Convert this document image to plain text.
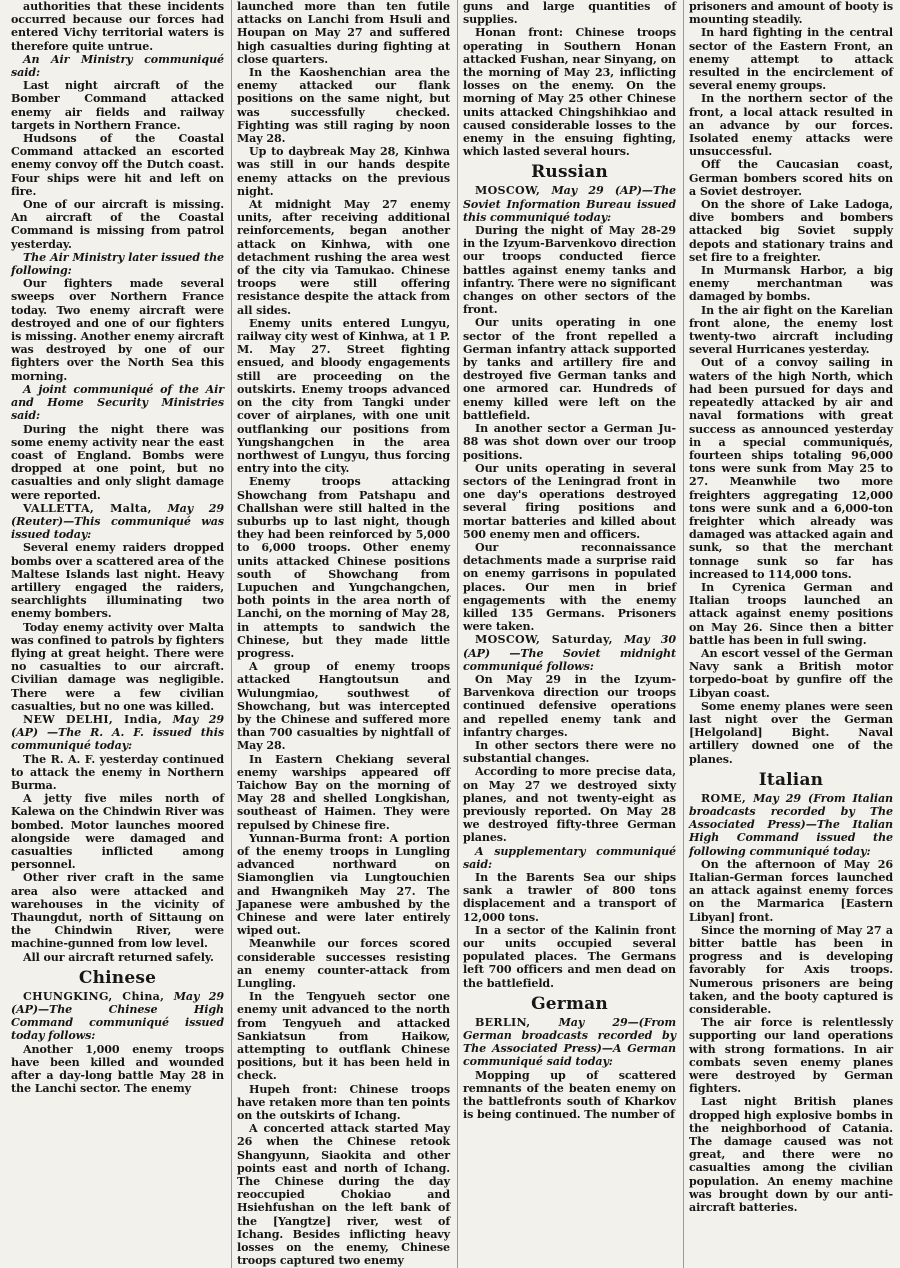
authorities that these incidents occurred because our forces had entered Vichy territorial waters is therefore quite untrue.

An Air Ministry communiqué said:

Last night aircraft of the Bomber Command attacked enemy air fields and railway targets in Northern France.

Hudsons of the Coastal Command attacked an escorted enemy convoy off the Dutch coast. Four ships were hit and left on fire.

One of our aircraft is missing. An aircraft of the Coastal Command is missing from patrol yesterday.

The Air Ministry later issued the following:

Our fighters made several sweeps over Northern France today. Two enemy aircraft were destroyed and one of our fighters is missing. Another enemy aircraft was destroyed by one of our fighters over the North Sea this morning.

A joint communiqué of the Air and Home Security Ministries said:

During the night there was some enemy activity near the east coast of England. Bombs were dropped at one point, but no casualties and only slight damage were reported.

VALLETTA, Malta, May 29 (Reuter)—This communiqué was issued today:

Several enemy raiders dropped bombs over a scattered area of the Maltese Islands last night. Heavy artillery engaged the raiders, searchlights illuminating two enemy bombers.

Today enemy activity over Malta was confined to patrols by fighters flying at great height. There were no casualties to our aircraft. Civilian damage was negligible. There were a few civilian casualties, but no one was killed.

NEW DELHI, India, May 29 (AP) —The R. A. F. issued this communiqué today:

The R. A. F. yesterday continued to attack the enemy in Northern Burma.

A jetty five miles north of Kalewa on the Chindwin River was bombed. Motor launches moored alongside were damaged and casualties inflicted among personnel.

Other river craft in the same area also were attacked and warehouses in the vicinity of Thaungdut, north of Sittaung on the Chindwin River, were machine-gunned from low level.

All our aircraft returned safely.

Chinese

CHUNGKING, China, May 29 (AP)—The Chinese High Command communiqué issued today follows:

Another 1,000 enemy troops have been killed and wounded after a day-long battle May 28 in the Lanchi sector. The enemy

launched more than ten futile attacks on Lanchi from Hsuli and Houpan on May 27 and suffered high casualties during fighting at close quarters.

In the Kaoshenchian area the enemy attacked our flank positions on the same night, but was successfully checked. Fighting was still raging by noon May 28.

Up to daybreak May 28, Kinhwa was still in our hands despite enemy attacks on the previous night.

At midnight May 27 enemy units, after receiving additional reinforcements, began another attack on Kinhwa, with one detachment rushing the area west of the city via Tamukao. Chinese troops were still offering resistance despite the attack from all sides.

Enemy units entered Lungyu, railway city west of Kinhwa, at 1 P. M. May 27. Street fighting ensued, and bloody engagements still are proceeding on the outskirts. Enemy troops advanced on the city from Tangki under cover of airplanes, with one unit outflanking our positions from Yungshangchen in the area northwest of Lungyu, thus forcing entry into the city.

Enemy troops attacking Showchang from Patshapu and Challshan were still halted in the suburbs up to last night, though they had been reinforced by 5,000 to 6,000 troops. Other enemy units attacked Chinese positions south of Showchang from Lupuchen and Yungchangchen, both points in the area north of Lanchi, on the morning of May 28, in attempts to sandwich the Chinese, but they made little progress.

A group of enemy troops attacked Hangtoutsun and Wulungmiao, southwest of Showchang, but was intercepted by the Chinese and suffered more than 700 casualties by nightfall of May 28.

In Eastern Chekiang several enemy warships appeared off Taichow Bay on the morning of May 28 and shelled Longkishan, southeast of Haimen. They were repulsed by Chinese fire.

Yunnan-Burma front: A portion of the enemy troops in Lungling advanced northward on Siamonglien via Lungtouchien and Hwangnikeh May 27. The Japanese were ambushed by the Chinese and were later entirely wiped out.

Meanwhile our forces scored considerable successes resisting an enemy counter-attack from Lungling.

In the Tengyueh sector one enemy unit advanced to the north from Tengyueh and attacked Sankiatsun from Haikow, attempting to outflank Chinese positions, but it has been held in check.

Hupeh front: Chinese troops have retaken more than ten points on the outskirts of Ichang.

A concerted attack started May 26 when the Chinese retook Shangyunn, Siaokita and other points east and north of Ichang. The Chinese during the day reoccupied Chokiao and Hsiehfushan on the left bank of the [Yangtze] river, west of Ichang. Besides inflicting heavy losses on the enemy, Chinese troops captured two enemy

guns and large quantities of supplies.

Honan front: Chinese troops operating in Southern Honan attacked Fushan, near Sinyang, on the morning of May 23, inflicting losses on the enemy. On the morning of May 25 other Chinese units attacked Chingshihkiao and caused considerable losses to the enemy in the ensuing fighting, which lasted several hours.

Russian

MOSCOW, May 29 (AP)—The Soviet Information Bureau issued this communiqué today:

During the night of May 28-29 in the Izyum-Barvenkovo direction our troops conducted fierce battles against enemy tanks and infantry. There were no significant changes on other sectors of the front.

Our units operating in one sector of the front repelled a German infantry attack supported by tanks and artillery fire and destroyed five German tanks and one armored car. Hundreds of enemy killed were left on the battlefield.

In another sector a German Ju-88 was shot down over our troop positions.

Our units operating in several sectors of the Leningrad front in one day's operations destroyed several firing positions and mortar batteries and killed about 500 enemy men and officers.

Our reconnaissance detachments made a surprise raid on enemy garrisons in populated places. Our men in brief engagements with the enemy killed 135 Germans. Prisoners were taken.

MOSCOW, Saturday, May 30 (AP) —The Soviet midnight communiqué follows:

On May 29 in the Izyum-Barvenkova direction our troops continued defensive operations and repelled enemy tank and infantry charges.

In other sectors there were no substantial changes.

According to more precise data, on May 27 we destroyed sixty planes, and not twenty-eight as previously reported. On May 28 we destroyed fifty-three German planes.

A supplementary communiqué said:

In the Barents Sea our ships sank a trawler of 800 tons displacement and a transport of 12,000 tons.

In a sector of the Kalinin front our units occupied several populated places. The Germans left 700 officers and men dead on the battlefield.

German

BERLIN,	May 29—(From German broadcasts recorded by The Associated Press)—A German communiqué said today:

Mopping up of scattered remnants of the beaten enemy on the battlefronts south of Kharkov is being continued. The number of

prisoners and amount of booty is mounting steadily.

In hard fighting in the central sector of the Eastern Front, an enemy attempt to attack resulted in the encirclement of several enemy groups.

In the northern sector of the front, a local attack resulted in an advance by our forces. Isolated enemy attacks were unsuccessful.

Off the Caucasian coast, German bombers scored hits on a Soviet destroyer.

On the shore of Lake Ladoga, dive bombers and bombers attacked big Soviet supply depots and stationary trains and set fire to a freighter.

In Murmansk Harbor, a big enemy merchantman was damaged by bombs.

In the air fight on the Karelian front alone, the enemy lost twenty-two aircraft including several Hurricanes yesterday.

Out of a convoy sailing in waters of the high North, which had been pursued for days and repeatedly attacked by air and naval formations with great success as announced yesterday in a special communiqués, fourteen ships totaling 96,000 tons were sunk from May 25 to 27. Meanwhile two more freighters aggregating 12,000 tons were sunk and a 6,000-ton freighter which already was damaged was attacked again and sunk, so that the merchant tonnage sunk so far has increased to 114,000 tons.

In Cyrenica German and Italian troops launched an attack against enemy positions on May 26. Since then a bitter battle has been in full swing.

An escort vessel of the German Navy sank a British motor torpedo-boat by gunfire off the Libyan coast.

Some enemy planes were seen last night over the German [Helgoland] Bight. Naval artillery downed one of the planes.

Italian

ROME, May 29 (From Italian broadcasts recorded by The Associated Press)—The Italian High Command issued the following communiqué today:

On the afternoon of May 26 Italian-German forces launched an attack against enemy forces on the Marmarica [Eastern Libyan] front.

Since the morning of May 27 a bitter battle has been in progress and is developing favorably for Axis troops. Numerous prisoners are being taken, and the booty captured is considerable.

The air force is relentlessly supporting our land operations with strong formations. In air combats seven enemy planes were destroyed by German fighters.

Last night British planes dropped high explosive bombs in the neighborhood of Catania. The damage caused was not great, and there were no casualties among the civilian population. An enemy machine was brought down by our anti-aircraft batteries.
